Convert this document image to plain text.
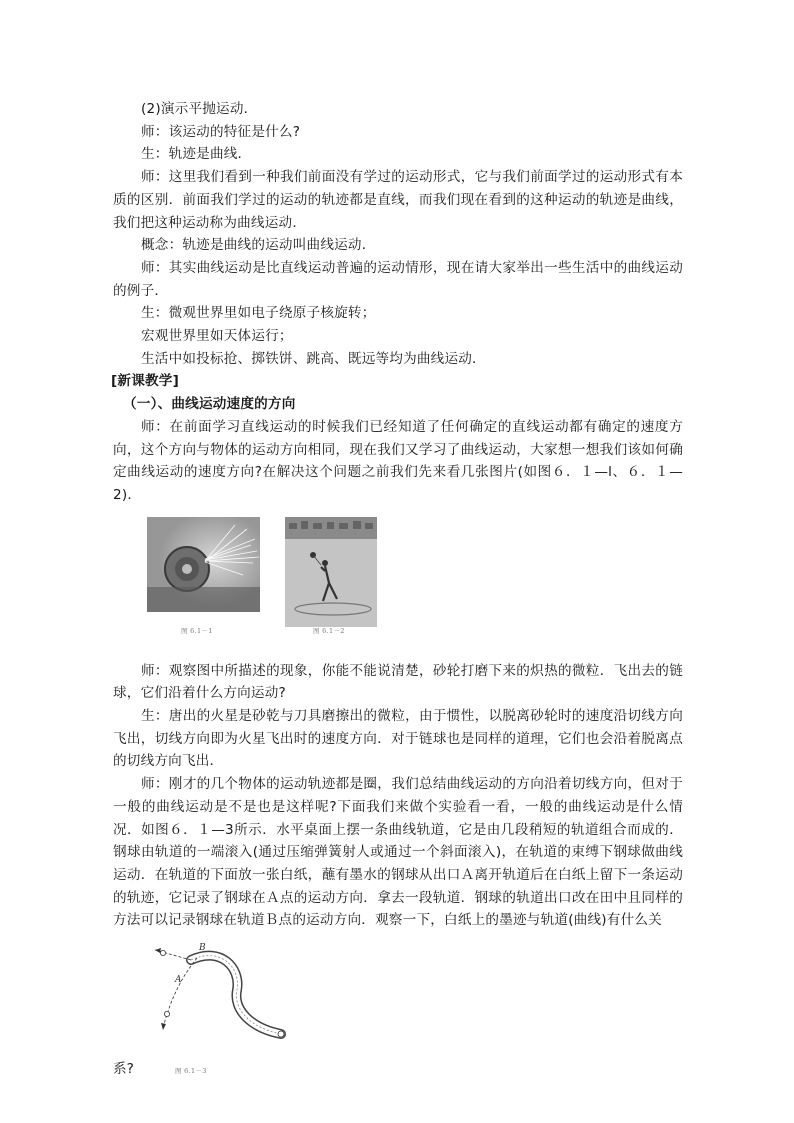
(2)演示平抛运动．

师：该运动的特征是什么?

生：轨迹是曲线．

师：这里我们看到一种我们前面没有学过的运动形式，它与我们前面学过的运动形式有本质的区别．前面我们学过的运动的轨迹都是直线，而我们现在看到的这种运动的轨迹是曲线，我们把这种运动称为曲线运动．

概念：轨迹是曲线的运动叫曲线运动．

师：其实曲线运动是比直线运动普遍的运动情形，现在请大家举出一些生活中的曲线运动的例子．

生：微观世界里如电子绕原子核旋转；

宏观世界里如天体运行；

生活中如投标抢、掷铁饼、跳高、既远等均为曲线运动．

[新课教学]

（一）、曲线运动速度的方向

师：在前面学习直线运动的时候我们已经知道了任何确定的直线运动都有确定的速度方向，这个方向与物体的运动方向相同，现在我们又学习了曲线运动，大家想一想我们该如何确定曲线运动的速度方向?在解决这个问题之前我们先来看几张图片(如图６．１—l、６．１—2)．

图 6.1－1	图 6.1－2

师：观察图中所描述的现象，你能不能说清楚，砂轮打磨下来的炽热的微粒．飞出去的链球，它们沿着什么方向运动?

生：唐出的火星是砂乾与刀具磨擦出的微粒，由于惯性，以脱离砂轮时的速度沿切线方向飞出，切线方向即为火星飞出时的速度方向．对于链球也是同样的道理，它们也会沿着脱离点的切线方向飞出．

师：刚才的几个物体的运动轨迹都是圈，我们总结曲线运动的方向沿着切线方向，但对于一般的曲线运动是不是也是这样呢?下面我们来做个实验看一看，一般的曲线运动是什么情况．如图６．１—3所示．水平桌面上摆一条曲线轨道，它是由几段稍短的轨道组合而成的．钢球由轨道的一端滚入(通过压缩弹簧射人或通过一个斜面滚入)，在轨道的束缚下钢球做曲线运动．在轨道的下面放一张白纸，蘸有墨水的钢球从出口Ａ离开轨道后在白纸上留下一条运动的轨迹，它记录了钢球在Ａ点的运动方向．拿去一段轨道．钢球的轨道出口改在田中且同样的方法可以记录钢球在轨道Ｂ点的运动方向．观察一下，白纸上的墨迹与轨道(曲线)有什么关

A
B
图 6.1－3
系?
